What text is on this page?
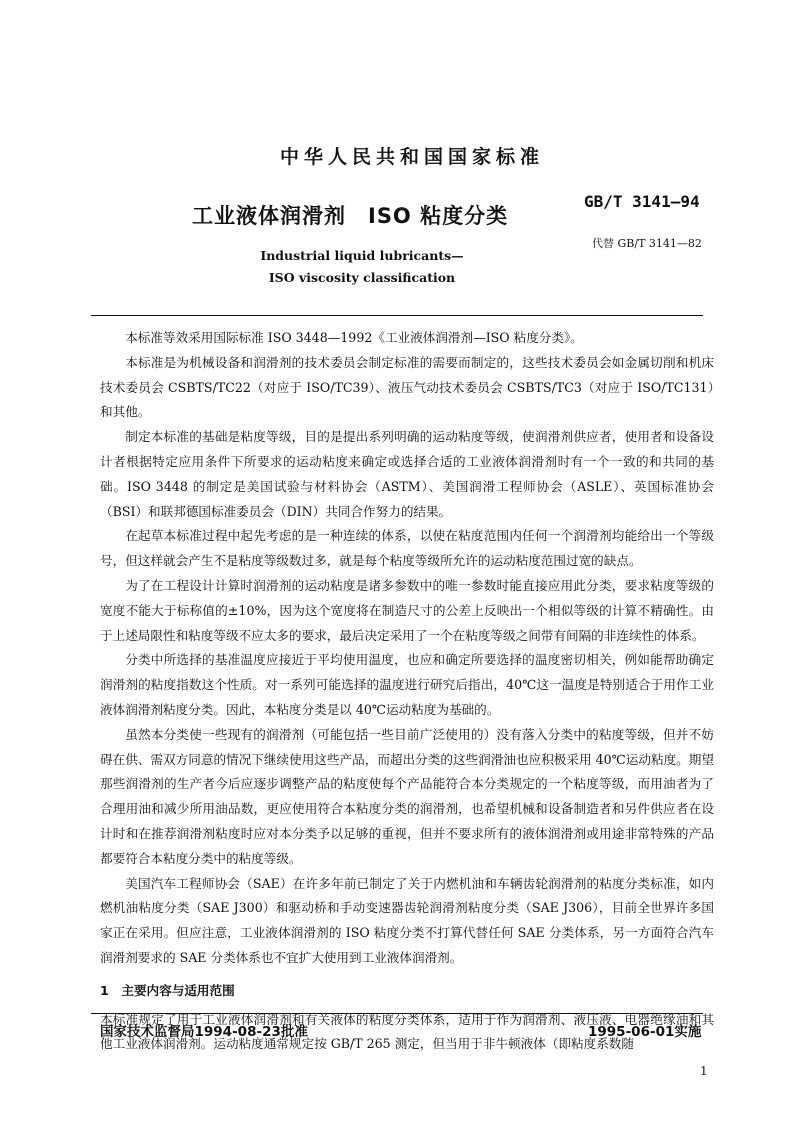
中华人民共和国国家标准
工业液体润滑剂　ISO 粘度分类
GB/T 3141—94
代替 GB/T 3141—82
Industrial liquid lubricants—
ISO viscosity classification

本标准等效采用国际标准 ISO 3448—1992《工业液体润滑剂—ISO 粘度分类》。

本标准是为机械设备和润滑剂的技术委员会制定标准的需要而制定的，这些技术委员会如金属切削和机床技术委员会 CSBTS/TC22（对应于 ISO/TC39）、液压气动技术委员会 CSBTS/TC3（对应于 ISO/TC131）和其他。

制定本标准的基础是粘度等级，目的是提出系列明确的运动粘度等级，使润滑剂供应者，使用者和设备设计者根据特定应用条件下所要求的运动粘度来确定或选择合适的工业液体润滑剂时有一个一致的和共同的基础。ISO 3448 的制定是美国试验与材料协会（ASTM）、美国润滑工程师协会（ASLE）、英国标准协会（BSI）和联邦德国标准委员会（DIN）共同合作努力的结果。

在起草本标准过程中起先考虑的是一种连续的体系，以使在粘度范围内任何一个润滑剂均能给出一个等级号，但这样就会产生不是粘度等级数过多，就是每个粘度等级所允许的运动粘度范围过宽的缺点。

为了在工程设计计算时润滑剂的运动粘度是诸多参数中的唯一参数时能直接应用此分类，要求粘度等级的宽度不能大于标称值的±10%，因为这个宽度将在制造尺寸的公差上反映出一个相似等级的计算不精确性。由于上述局限性和粘度等级不应太多的要求，最后决定采用了一个在粘度等级之间带有间隔的非连续性的体系。

分类中所选择的基准温度应接近于平均使用温度，也应和确定所要选择的温度密切相关，例如能帮助确定润滑剂的粘度指数这个性质。对一系列可能选择的温度进行研究后指出，40℃这一温度是特别适合于用作工业液体润滑剂粘度分类。因此，本粘度分类是以 40℃运动粘度为基础的。

虽然本分类使一些现有的润滑剂（可能包括一些目前广泛使用的）没有落入分类中的粘度等级，但并不妨碍在供、需双方同意的情况下继续使用这些产品，而超出分类的这些润滑油也应积极采用 40℃运动粘度。期望那些润滑剂的生产者今后应逐步调整产品的粘度使每个产品能符合本分类规定的一个粘度等级，而用油者为了合理用油和减少所用油品数，更应使用符合本粘度分类的润滑剂，也希望机械和设备制造者和另件供应者在设计时和在推荐润滑剂粘度时应对本分类予以足够的重视，但并不要求所有的液体润滑剂或用途非常特殊的产品都要符合本粘度分类中的粘度等级。

美国汽车工程师协会（SAE）在许多年前已制定了关于内燃机油和车辆齿轮润滑剂的粘度分类标准，如内燃机油粘度分类（SAE J300）和驱动桥和手动变速器齿轮润滑剂粘度分类（SAE J306），目前全世界许多国家正在采用。但应注意，工业液体润滑剂的 ISO 粘度分类不打算代替任何 SAE 分类体系，另一方面符合汽车润滑剂要求的 SAE 分类体系也不宜扩大使用到工业液体润滑剂。

1　主要内容与适用范围

本标准规定了用于工业液体润滑剂和有关液体的粘度分类体系，适用于作为润滑剂、液压液、电器绝缘油和其他工业液体润滑剂。运动粘度通常规定按 GB/T 265 测定，但当用于非牛顿液体（即粘度系数随

国家技术监督局1994-08-23批准	1995-06-01实施
1
